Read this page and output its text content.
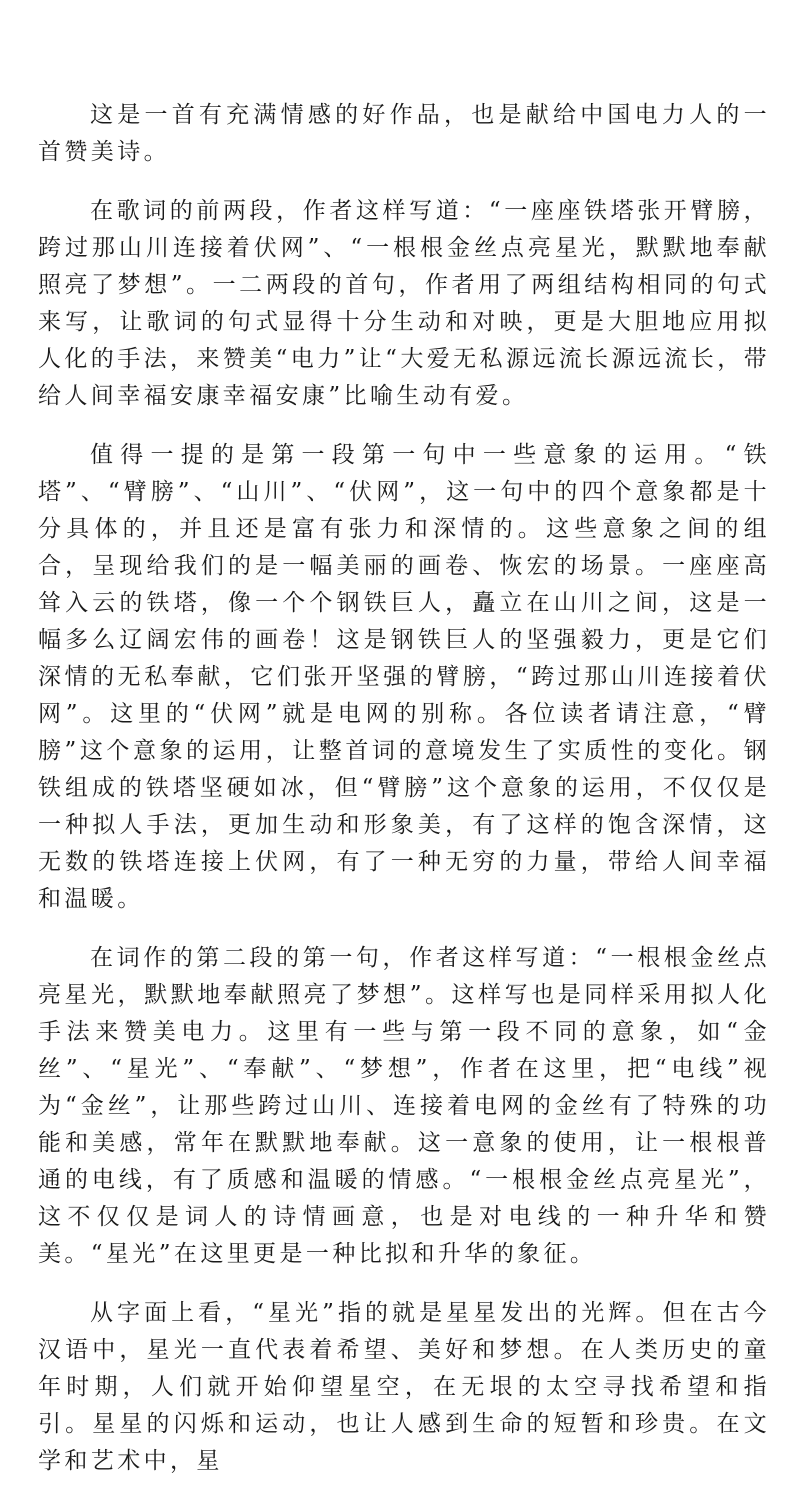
这是一首有充满情感的好作品，也是献给中国电力人的一首赞美诗。

在歌词的前两段，作者这样写道：“一座座铁塔张开臂膀，跨过那山川连接着伏网”、“一根根金丝点亮星光，默默地奉献照亮了梦想”。一二两段的首句，作者用了两组结构相同的句式来写，让歌词的句式显得十分生动和对映，更是大胆地应用拟人化的手法，来赞美“电力”让“大爱无私源远流长源远流长，带给人间幸福安康幸福安康”比喻生动有爱。

值得一提的是第一段第一句中一些意象的运用。“铁塔”、“臂膀”、“山川”、“伏网”，这一句中的四个意象都是十分具体的，并且还是富有张力和深情的。这些意象之间的组合，呈现给我们的是一幅美丽的画卷、恢宏的场景。一座座高耸入云的铁塔，像一个个钢铁巨人，矗立在山川之间，这是一幅多么辽阔宏伟的画卷！这是钢铁巨人的坚强毅力，更是它们深情的无私奉献，它们张开坚强的臂膀，“跨过那山川连接着伏网”。这里的“伏网”就是电网的别称。各位读者请注意，“臂膀”这个意象的运用，让整首词的意境发生了实质性的变化。钢铁组成的铁塔坚硬如冰，但“臂膀”这个意象的运用，不仅仅是一种拟人手法，更加生动和形象美，有了这样的饱含深情，这无数的铁塔连接上伏网，有了一种无穷的力量，带给人间幸福和温暖。

在词作的第二段的第一句，作者这样写道：“一根根金丝点亮星光，默默地奉献照亮了梦想”。这样写也是同样采用拟人化手法来赞美电力。这里有一些与第一段不同的意象，如“金丝”、“星光”、“奉献”、“梦想”，作者在这里，把“电线”视为“金丝”，让那些跨过山川、连接着电网的金丝有了特殊的功能和美感，常年在默默地奉献。这一意象的使用，让一根根普通的电线，有了质感和温暖的情感。“一根根金丝点亮星光”，这不仅仅是词人的诗情画意，也是对电线的一种升华和赞美。“星光”在这里更是一种比拟和升华的象征。

从字面上看，“星光”指的就是星星发出的光辉。但在古今汉语中，星光一直代表着希望、美好和梦想。在人类历史的童年时期，人们就开始仰望星空，在无垠的太空寻找希望和指引。星星的闪烁和运动，也让人感到生命的短暂和珍贵。在文学和艺术中，星
